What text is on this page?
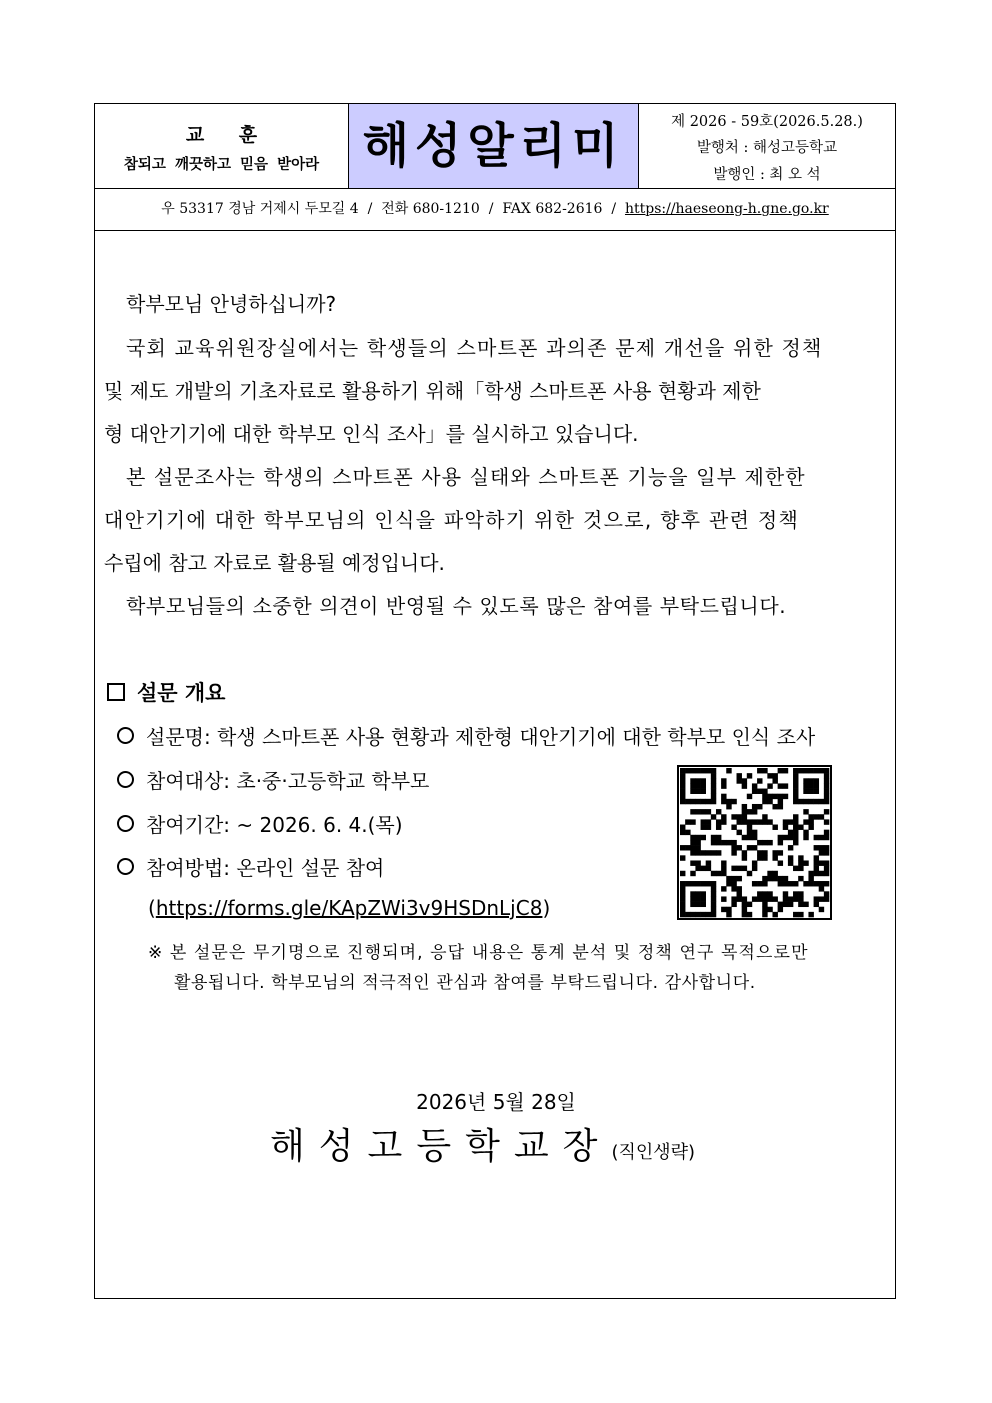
교 훈
참되고 깨끗하고 믿음 받아라 해성알리미	제 2026 - 59호(2026.5.28.)
발행처 : 해성고등학교
발행인 : 최 오 석
우 53317 경남 거제시 두모길 4 / 전화 680-1210 / FAX 682-2616 / https://haeseong-h.gne.go.kr
학부모님 안녕하십니까?
국회 교육위원장실에서는 학생들의 스마트폰 과의존 문제 개선을 위한 정책
및 제도 개발의 기초자료로 활용하기 위해「학생 스마트폰 사용 현황과 제한
형 대안기기에 대한 학부모 인식 조사」를 실시하고 있습니다.
본 설문조사는 학생의 스마트폰 사용 실태와 스마트폰 기능을 일부 제한한
대안기기에 대한 학부모님의 인식을 파악하기 위한 것으로, 향후 관련 정책
수립에 참고 자료로 활용될 예정입니다.
학부모님들의 소중한 의견이 반영될 수 있도록 많은 참여를 부탁드립니다.
설문 개요
설문명: 학생 스마트폰 사용 현황과 제한형 대안기기에 대한 학부모 인식 조사
참여대상: 초·중·고등학교 학부모
참여기간: ~ 2026. 6. 4.(목)
참여방법: 온라인 설문 참여
(https://forms.gle/KApZWi3v9HSDnLjC8)
※ 본 설문은 무기명으로 진행되며, 응답 내용은 통계 분석 및 정책 연구 목적으로만
활용됩니다. 학부모님의 적극적인 관심과 참여를 부탁드립니다. 감사합니다.
2026년 5월 28일
해성고등학교장(직인생략)
